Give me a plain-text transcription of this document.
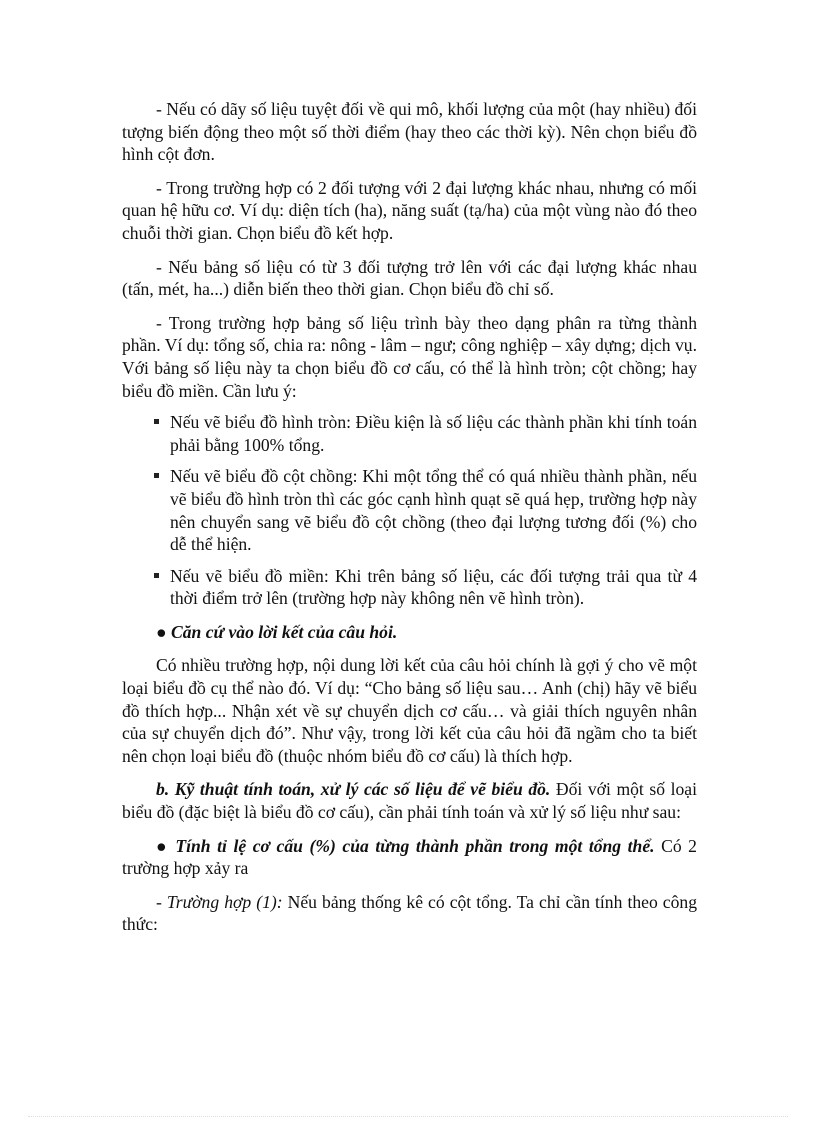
- Nếu có dãy số liệu tuyệt đối về qui mô, khối lượng của một (hay nhiều) đối tượng biến động theo một số thời điểm (hay theo các thời kỳ). Nên chọn biểu đồ hình cột đơn.

- Trong trường hợp có 2 đối tượng với 2 đại lượng khác nhau, nhưng có mối quan hệ hữu cơ. Ví dụ: diện tích (ha), năng suất (tạ/ha) của một vùng nào đó theo chuỗi thời gian. Chọn biểu đồ kết hợp.

- Nếu bảng số liệu có từ 3 đối tượng trở lên với các đại lượng khác nhau (tấn, mét, ha...) diễn biến theo thời gian. Chọn biểu đồ chỉ số.

- Trong trường hợp bảng số liệu trình bày theo dạng phân ra từng thành phần. Ví dụ: tổng số, chia ra: nông - lâm – ngư; công nghiệp – xây dựng; dịch vụ. Với bảng số liệu này ta chọn biểu đồ cơ cấu, có thể là hình tròn; cột chồng; hay biểu đồ miền. Cần lưu ý:

Nếu vẽ biểu đồ hình tròn: Điều kiện là số liệu các thành phần khi tính toán phải bằng 100% tổng.

Nếu vẽ biểu đồ cột chồng: Khi một tổng thể có quá nhiều thành phần, nếu vẽ biểu đồ hình tròn thì các góc cạnh hình quạt sẽ quá hẹp, trường hợp này nên chuyển sang vẽ biểu đồ cột chồng (theo đại lượng tương đối (%) cho dễ thể hiện.

Nếu vẽ biểu đồ miền: Khi trên bảng số liệu, các đối tượng trải qua từ 4 thời điểm trở lên (trường hợp này không nên vẽ hình tròn).

● Căn cứ vào lời kết của câu hỏi.

Có nhiều trường hợp, nội dung lời kết của câu hỏi chính là gợi ý cho vẽ một loại biểu đồ cụ thể nào đó. Ví dụ: “Cho bảng số liệu sau… Anh (chị) hãy vẽ biểu đồ thích hợp... Nhận xét về sự chuyển dịch cơ cấu… và giải thích nguyên nhân của sự chuyển dịch đó”. Như vậy, trong lời kết của câu hỏi đã ngầm cho ta biết nên chọn loại biểu đồ (thuộc nhóm biểu đồ cơ cấu) là thích hợp.

b. Kỹ thuật tính toán, xử lý các số liệu để vẽ biểu đồ. Đối với một số loại biểu đồ (đặc biệt là biểu đồ cơ cấu), cần phải tính toán và xử lý số liệu như sau:

● Tính tỉ lệ cơ cấu (%) của từng thành phần trong một tổng thể. Có 2 trường hợp xảy ra

- Trường hợp (1): Nếu bảng thống kê có cột tổng. Ta chỉ cần tính theo công thức:
